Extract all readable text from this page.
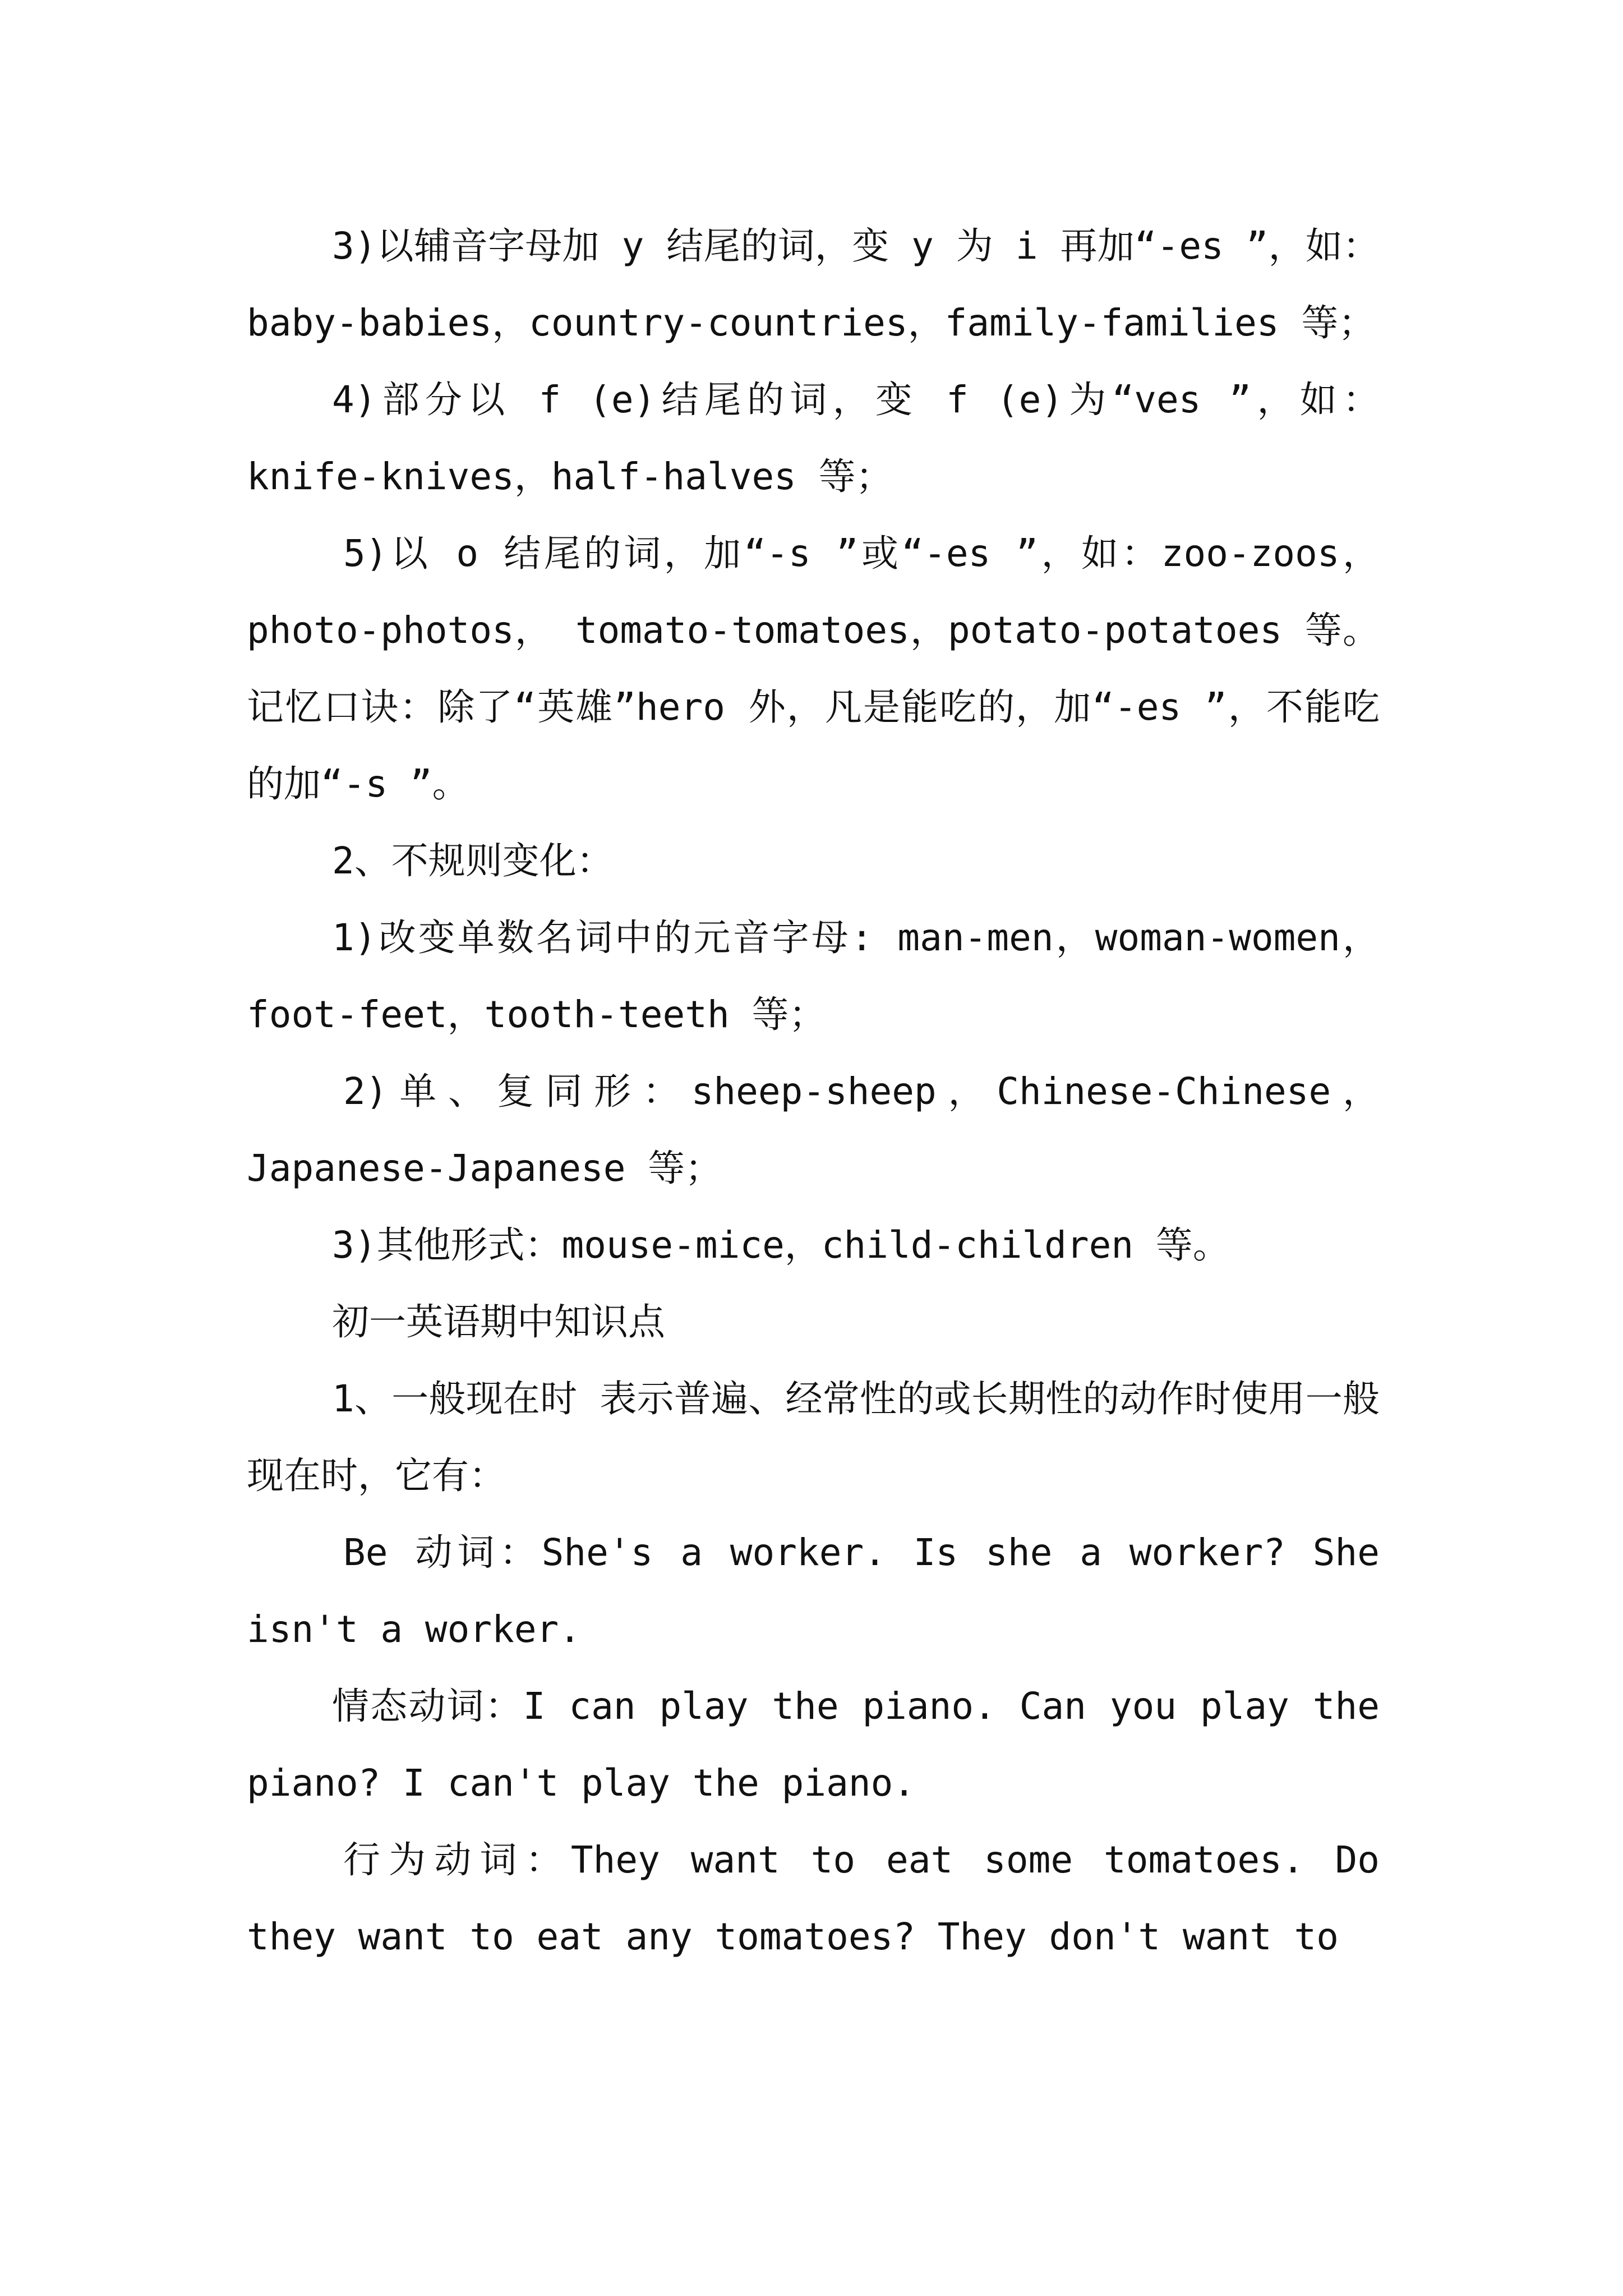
3)以辅音字母加 y 结尾的词，变 y 为 i 再加“-es ”，如：baby-babies，country-countries，family-families 等；

4)部分以 f (e)结尾的词，变 f (e)为“ves ”，如：knife-knives，half-halves 等；

5)以 o 结尾的词，加“-s ”或“-es ”，如：zoo-zoos， photo-photos， tomato-tomatoes，potato-potatoes 等。记忆口诀：除了“英雄”hero 外，凡是能吃的，加“-es ”，不能吃的加“-s ”。

2、不规则变化：

1)改变单数名词中的元音字母: man-men，woman-women，foot-feet，tooth-teeth 等；

2)单、复同形：sheep-sheep，Chinese-Chinese，Japanese-Japanese 等；

3)其他形式：mouse-mice，child-children 等。

初一英语期中知识点

1、一般现在时 表示普遍、经常性的或长期性的动作时使用一般现在时，它有：

Be 动词：She's a worker. Is she a worker? She isn't a worker.

情态动词：I can play the piano. Can you play the piano? I can't play the piano.

行为动词：They want to eat some tomatoes. Do they want to eat any tomatoes? They don't want to
